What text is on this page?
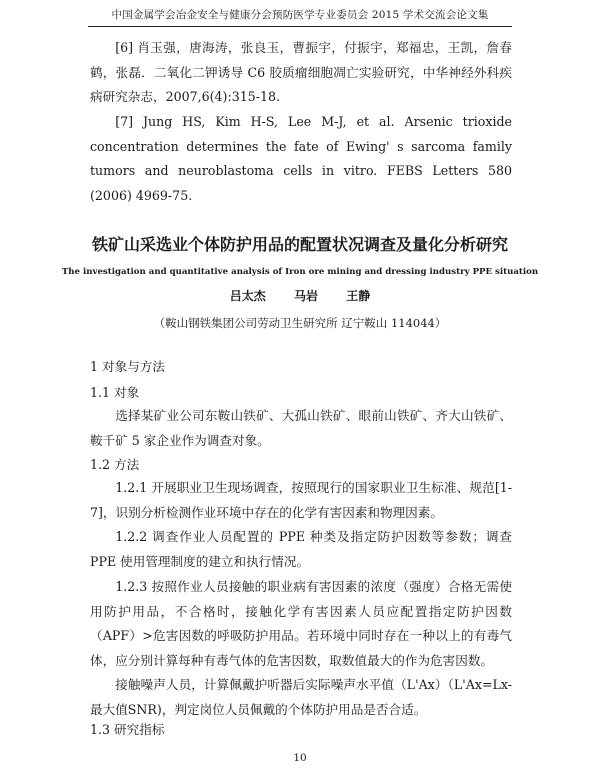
中国金属学会冶金安全与健康分会预防医学专业委员会 2015 学术交流会论文集
[6] 肖玉强，唐海涛，张良玉，曹振宇，付振宇，郑福忠，王凯，詹春鹤，张磊．二氧化二钾诱导 C6 胶质瘤细胞凋亡实验研究，中华神经外科疾病研究杂志，2007,6(4):315-18.
[7] Jung HS, Kim H-S, Lee M-J, et al. Arsenic trioxide concentration determines the fate of Ewing' s sarcoma family tumors and neuroblastoma cells in vitro. FEBS Letters 580 (2006) 4969-75.
铁矿山采选业个体防护用品的配置状况调查及量化分析研究
The investigation and quantitative analysis of Iron ore mining and dressing industry PPE situation
吕太杰 马岩 王静
（鞍山钢铁集团公司劳动卫生研究所 辽宁鞍山 114044）
1 对象与方法
1.1 对象
选择某矿业公司东鞍山铁矿、大孤山铁矿、眼前山铁矿、齐大山铁矿、鞍千矿 5 家企业作为调查对象。
1.2 方法
1.2.1 开展职业卫生现场调查，按照现行的国家职业卫生标准、规范[1-7]，识别分析检测作业环境中存在的化学有害因素和物理因素。
1.2.2 调查作业人员配置的 PPE 种类及指定防护因数等参数；调查 PPE 使用管理制度的建立和执行情况。
1.2.3 按照作业人员接触的职业病有害因素的浓度（强度）合格无需使用防护用品，不合格时，接触化学有害因素人员应配置指定防护因数（APF）>危害因数的呼吸防护用品。若环境中同时存在一种以上的有毒气体，应分别计算每种有毒气体的危害因数，取数值最大的作为危害因数。
接触噪声人员，计算佩戴护听器后实际噪声水平值（L'Ax）（L'Ax=Lx-最大值SNR)，判定岗位人员佩戴的个体防护用品是否合适。
1.3 研究指标
10
